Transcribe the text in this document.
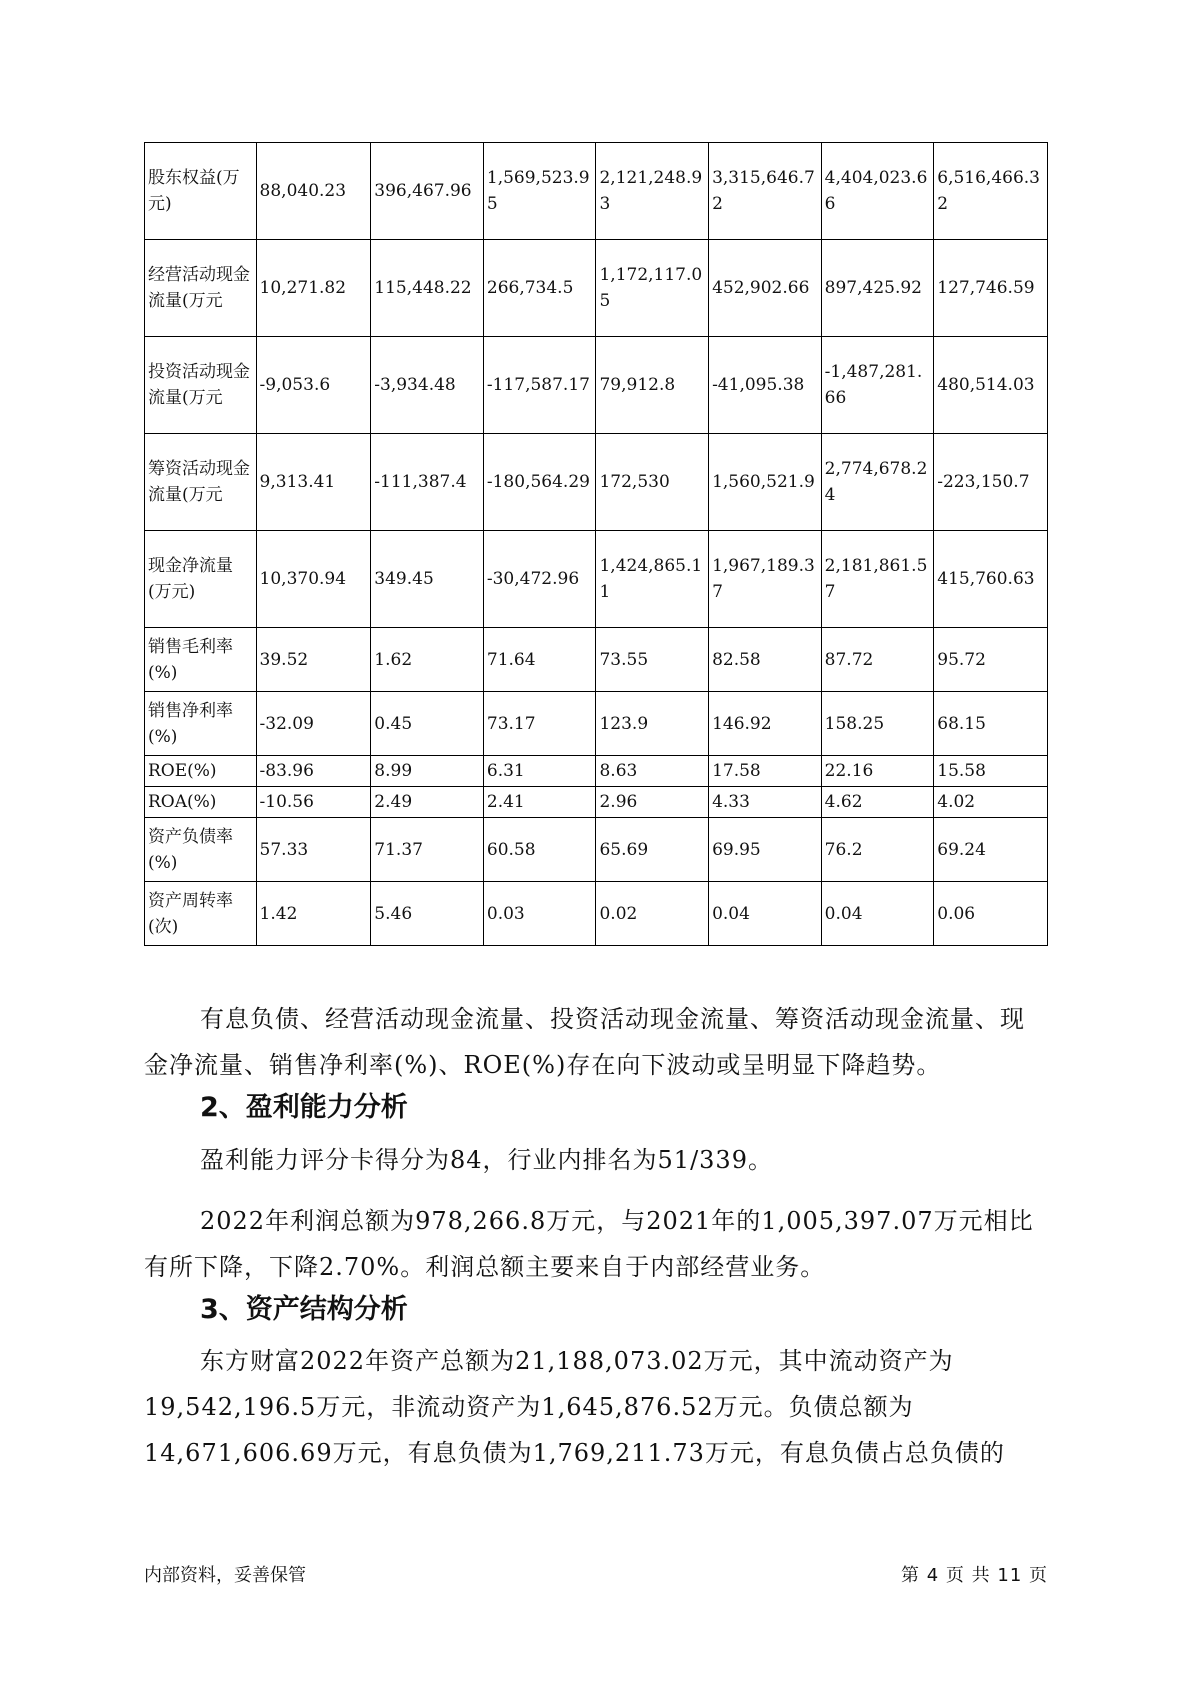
股东权益(万元)	88,040.23	396,467.96	1,569,523.95	2,121,248.93	3,315,646.72	4,404,023.66	6,516,466.32
经营活动现金流量(万元	10,271.82	115,448.22	266,734.5	1,172,117.05	452,902.66	897,425.92	127,746.59
投资活动现金流量(万元	-9,053.6	-3,934.48	-117,587.17	79,912.8	-41,095.38	-1,487,281.66	480,514.03
筹资活动现金流量(万元	9,313.41	-111,387.4	-180,564.29	172,530	1,560,521.9	2,774,678.24	-223,150.7
现金净流量(万元)	10,370.94	349.45	-30,472.96	1,424,865.11	1,967,189.37	2,181,861.57	415,760.63
销售毛利率(%)	39.52	1.62	71.64	73.55	82.58	87.72	95.72
销售净利率(%)	-32.09	0.45	73.17	123.9	146.92	158.25	68.15
ROE(%)	-83.96	8.99	6.31	8.63	17.58	22.16	15.58
ROA(%)	-10.56	2.49	2.41	2.96	4.33	4.62	4.02
资产负债率(%)	57.33	71.37	60.58	65.69	69.95	76.2	69.24
资产周转率(次)	1.42	5.46	0.03	0.02	0.04	0.04	0.06

有息负债、经营活动现金流量、投资活动现金流量、筹资活动现金流量、现金净流量、销售净利率(%)、ROE(%)存在向下波动或呈明显下降趋势。

2、盈利能力分析

盈利能力评分卡得分为84，行业内排名为51/339。

2022年利润总额为978,266.8万元，与2021年的1,005,397.07万元相比有所下降，下降2.70%。利润总额主要来自于内部经营业务。

3、资产结构分析

东方财富2022年资产总额为21,188,073.02万元，其中流动资产为19,542,196.5万元，非流动资产为1,645,876.52万元。负债总额为14,671,606.69万元，有息负债为1,769,211.73万元，有息负债占总负债的

内部资料，妥善保管	第 4 页 共 11 页
